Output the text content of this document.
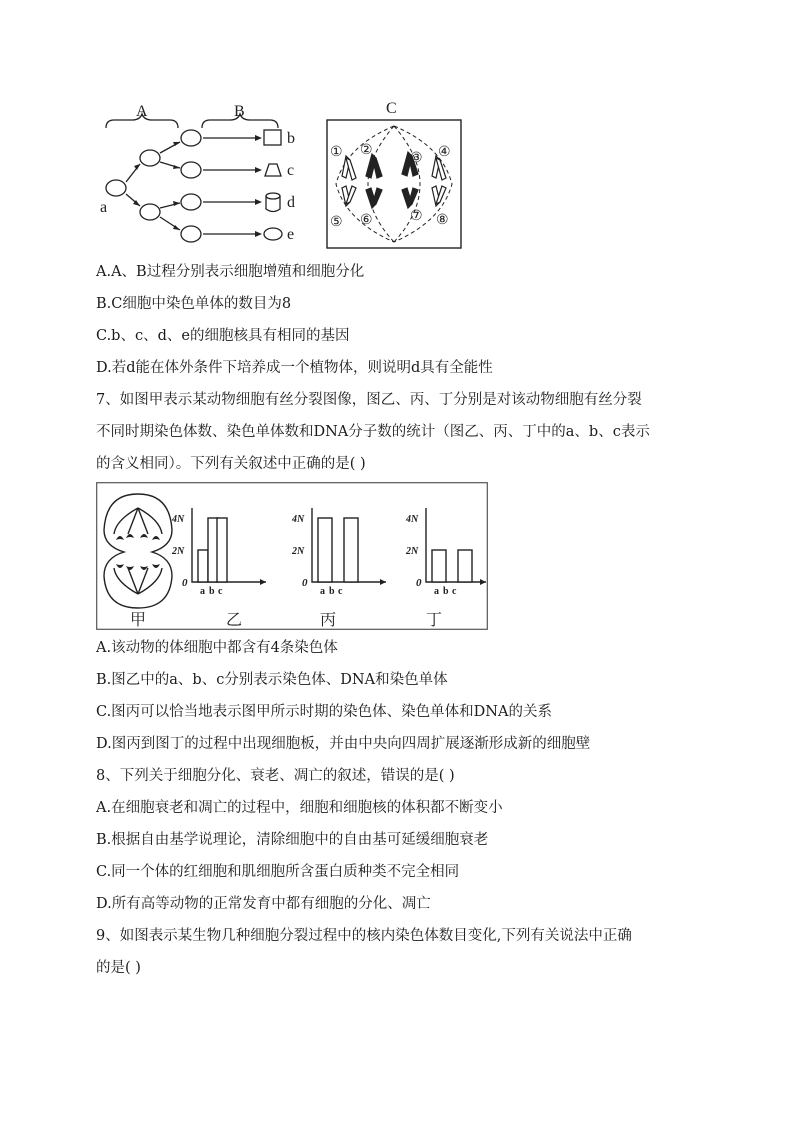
A	B
a
b
c
d
e
C
① ②
③ ④
⑤ ⑥	⑦ ⑧
A.A、B过程分别表示细胞增殖和细胞分化
B.C细胞中染色单体的数目为8
C.b、c、d、e的细胞核具有相同的基因
D.若d能在体外条件下培养成一个植物体，则说明d具有全能性
7、如图甲表示某动物细胞有丝分裂图像，图乙、丙、丁分别是对该动物细胞有丝分裂
不同时期染色体数、染色单体数和DNA分子数的统计（图乙、丙、丁中的a、b、c表示
的含义相同）。下列有关叙述中正确的是( )
4N
2N
0
a b c
4N
2N
0
a b c
4N
2N
0
a b c
甲	乙	丙	丁
A.该动物的体细胞中都含有4条染色体
B.图乙中的a、b、c分别表示染色体、DNA和染色单体
C.图丙可以恰当地表示图甲所示时期的染色体、染色单体和DNA的关系
D.图丙到图丁的过程中出现细胞板，并由中央向四周扩展逐渐形成新的细胞壁
8、下列关于细胞分化、衰老、凋亡的叙述，错误的是( )
A.在细胞衰老和凋亡的过程中，细胞和细胞核的体积都不断变小
B.根据自由基学说理论，清除细胞中的自由基可延缓细胞衰老
C.同一个体的红细胞和肌细胞所含蛋白质种类不完全相同
D.所有高等动物的正常发育中都有细胞的分化、凋亡
9、如图表示某生物几种细胞分裂过程中的核内染色体数目变化,下列有关说法中正确
的是( )
